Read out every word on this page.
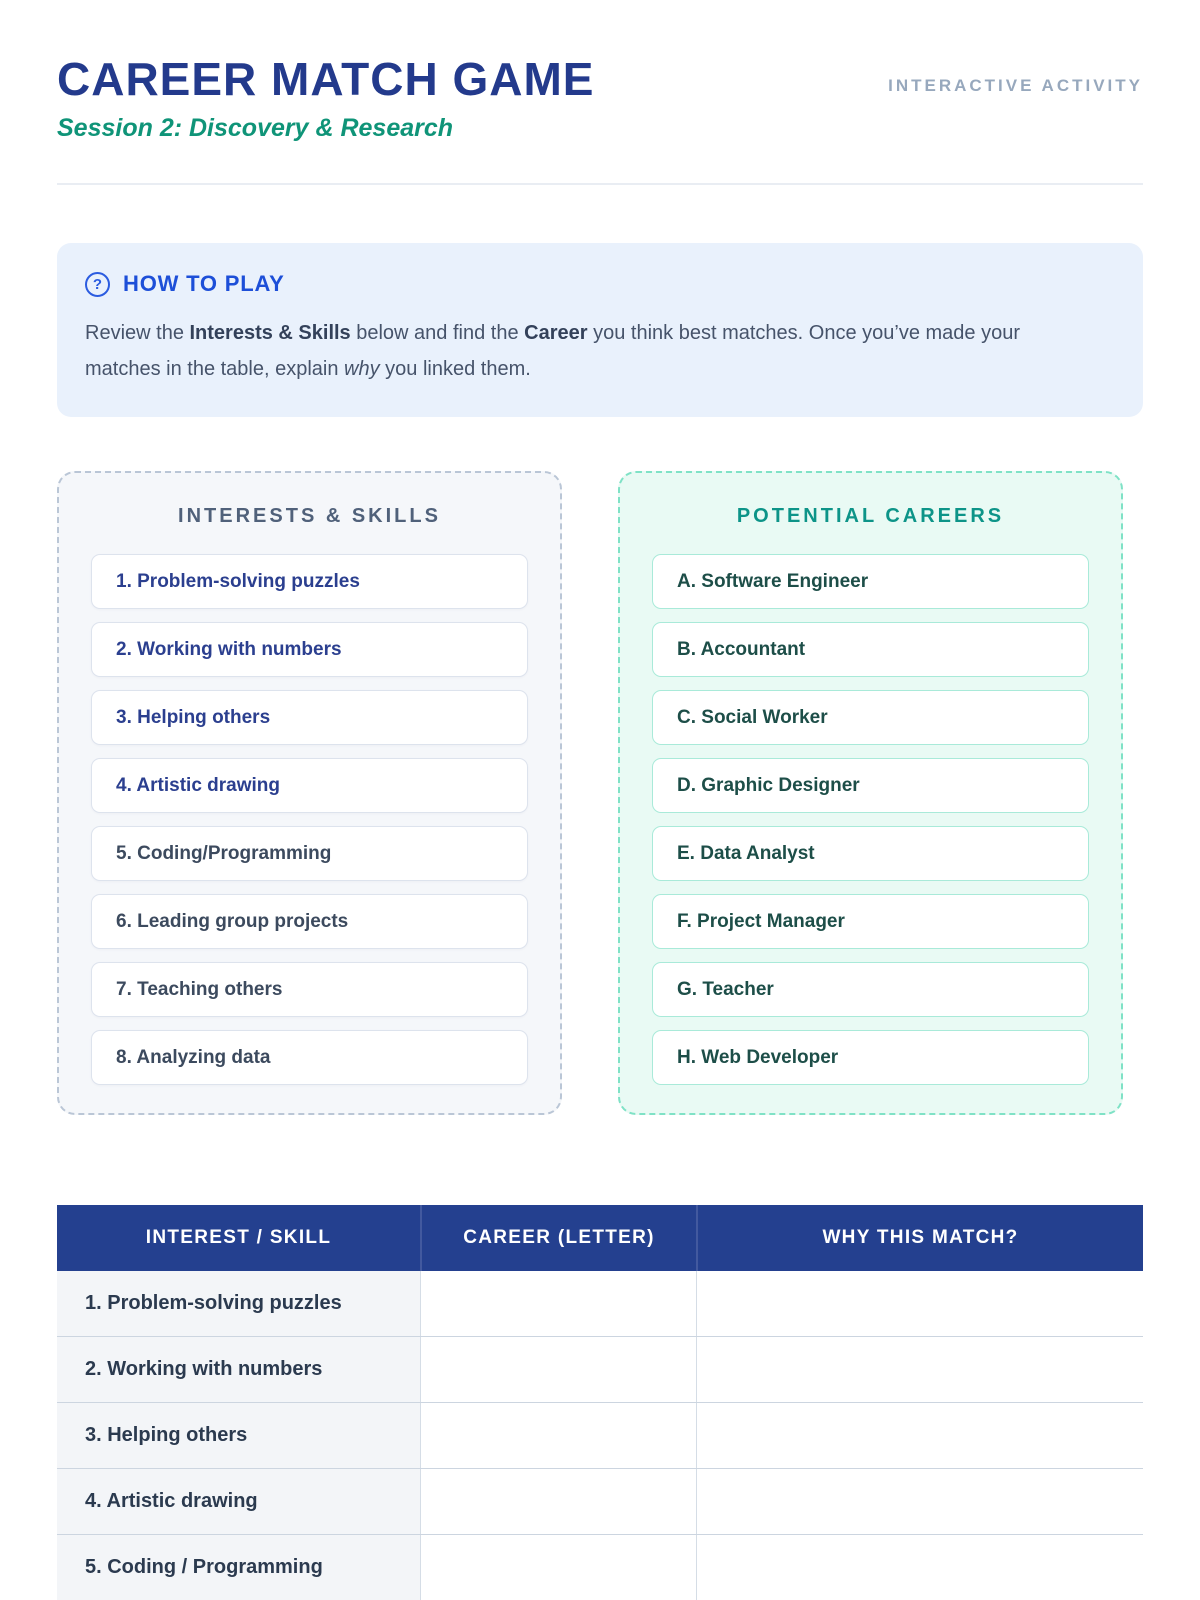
CAREER MATCH GAME	INTERACTIVE ACTIVITY
Session 2: Discovery & Research
? HOW TO PLAY

Review the Interests & Skills below and find the Career you think best matches. Once you’ve made your matches in the table, explain why you linked them.

INTERESTS & SKILLS
1. Problem-solving puzzles
2. Working with numbers
3. Helping others
4. Artistic drawing
5. Coding/Programming
6. Leading group projects
7. Teaching others
8. Analyzing data
POTENTIAL CAREERS
A. Software Engineer
B. Accountant
C. Social Worker
D. Graphic Designer
E. Data Analyst
F. Project Manager
G. Teacher
H. Web Developer
INTEREST / SKILL	CAREER (LETTER)	WHY THIS MATCH?
1. Problem-solving puzzles
2. Working with numbers
3. Helping others
4. Artistic drawing
5. Coding / Programming
